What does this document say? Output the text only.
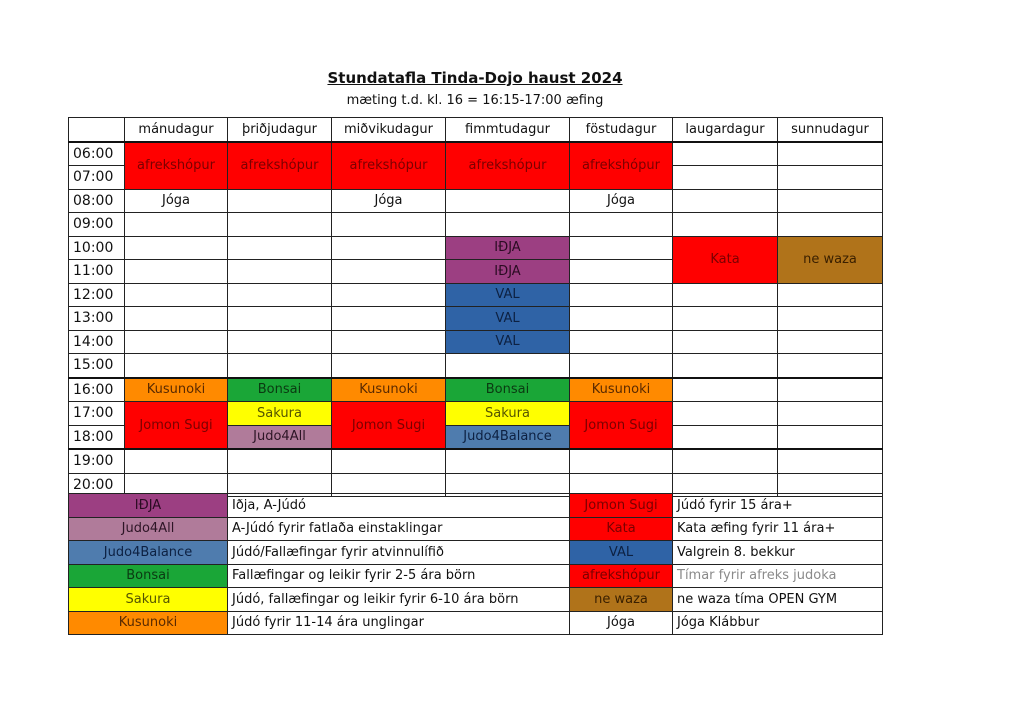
Stundatafla Tinda-Dojo haust 2024
mæting t.d. kl. 16 = 16:15-17:00 æfing
	mánudagur	þriðjudagur	miðvikudagur	fimmtudagur	föstudagur	laugardagur	sunnudagur
06:00	afrekshópur	afrekshópur	afrekshópur	afrekshópur	afrekshópur		
07:00							
08:00	Jóga		Jóga		Jóga		
09:00							
10:00				IÐJA		Kata	ne waza
11:00				IÐJA			
12:00				VAL			
13:00				VAL			
14:00				VAL			
15:00							
16:00	Kusunoki	Bonsai	Kusunoki	Bonsai	Kusunoki		
17:00	Jomon Sugi	Sakura	Jomon Sugi	Sakura	Jomon Sugi		
18:00		Judo4All		Judo4Balance			
19:00							
20:00							
IÐJA	Iðja, A-Júdó	Jomon Sugi	Júdó fyrir 15 ára+
Judo4All	A-Júdó fyrir fatlaða einstaklingar	Kata	Kata æfing fyrir 11 ára+
Judo4Balance	Júdó/Fallæfingar fyrir atvinnulífið	VAL	Valgrein 8. bekkur
Bonsai	Fallæfingar og leikir fyrir 2-5 ára börn	afrekshópur	Tímar fyrir afreks judoka
Sakura	Júdó, fallæfingar og leikir fyrir 6-10 ára börn	ne waza	ne waza tíma OPEN GYM
Kusunoki	Júdó fyrir 11-14 ára unglingar	Jóga	Jóga Klábbur
